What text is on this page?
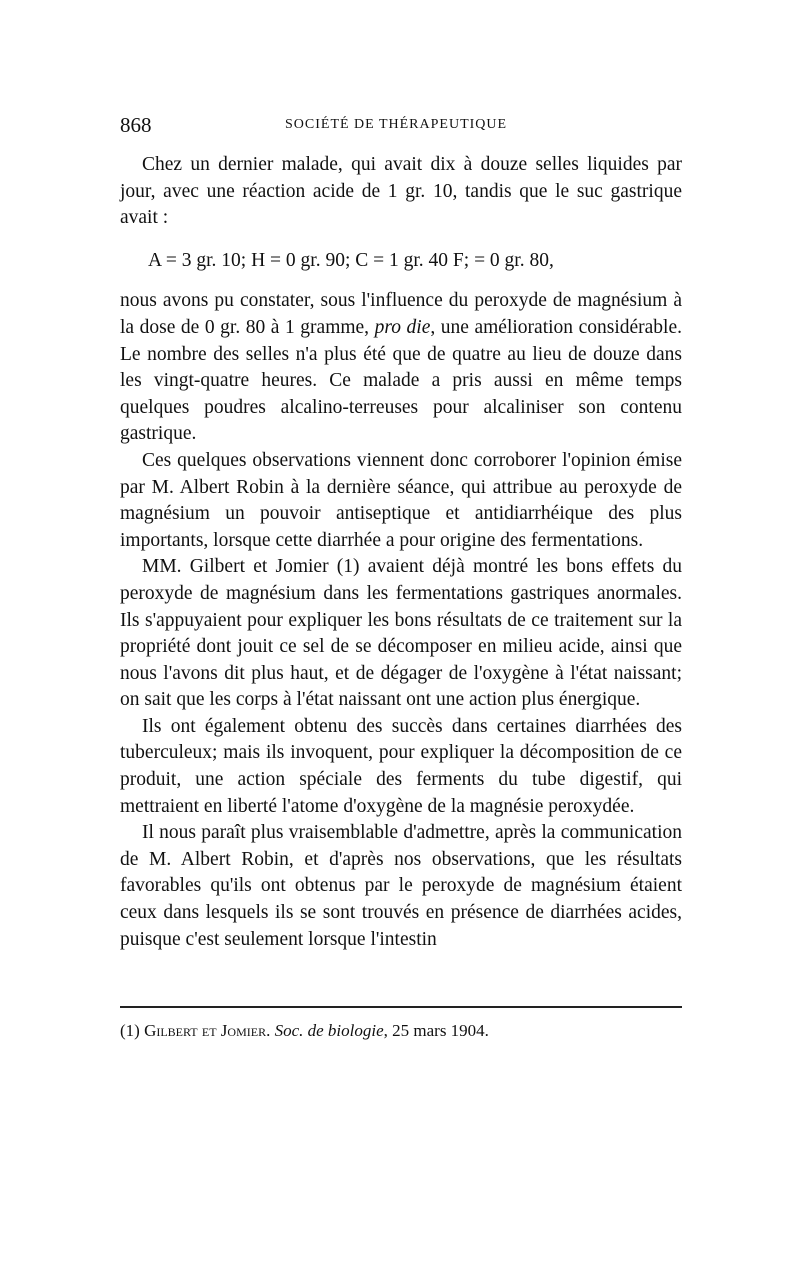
868	SOCIÉTÉ DE THÉRAPEUTIQUE

Chez un dernier malade, qui avait dix à douze selles liquides par jour, avec une réaction acide de 1 gr. 10, tandis que le suc gastrique avait :

A = 3 gr. 10; H = 0 gr. 90; C = 1 gr. 40 F; = 0 gr. 80,

nous avons pu constater, sous l'influence du peroxyde de magnésium à la dose de 0 gr. 80 à 1 gramme, pro die, une amélioration considérable. Le nombre des selles n'a plus été que de quatre au lieu de douze dans les vingt-quatre heures. Ce malade a pris aussi en même temps quelques poudres alcalino-terreuses pour alcaliniser son contenu gastrique.

Ces quelques observations viennent donc corroborer l'opinion émise par M. Albert Robin à la dernière séance, qui attribue au peroxyde de magnésium un pouvoir antiseptique et antidiarrhéique des plus importants, lorsque cette diarrhée a pour origine des fermentations.

MM. Gilbert et Jomier (1) avaient déjà montré les bons effets du peroxyde de magnésium dans les fermentations gastriques anormales. Ils s'appuyaient pour expliquer les bons résultats de ce traitement sur la propriété dont jouit ce sel de se décomposer en milieu acide, ainsi que nous l'avons dit plus haut, et de dégager de l'oxygène à l'état naissant; on sait que les corps à l'état naissant ont une action plus énergique.

Ils ont également obtenu des succès dans certaines diarrhées des tuberculeux; mais ils invoquent, pour expliquer la décomposition de ce produit, une action spéciale des ferments du tube digestif, qui mettraient en liberté l'atome d'oxygène de la magnésie peroxydée.

Il nous paraît plus vraisemblable d'admettre, après la communication de M. Albert Robin, et d'après nos observations, que les résultats favorables qu'ils ont obtenus par le peroxyde de magnésium étaient ceux dans lesquels ils se sont trouvés en présence de diarrhées acides, puisque c'est seulement lorsque l'intestin

(1) Gilbert et Jomier. Soc. de biologie, 25 mars 1904.
